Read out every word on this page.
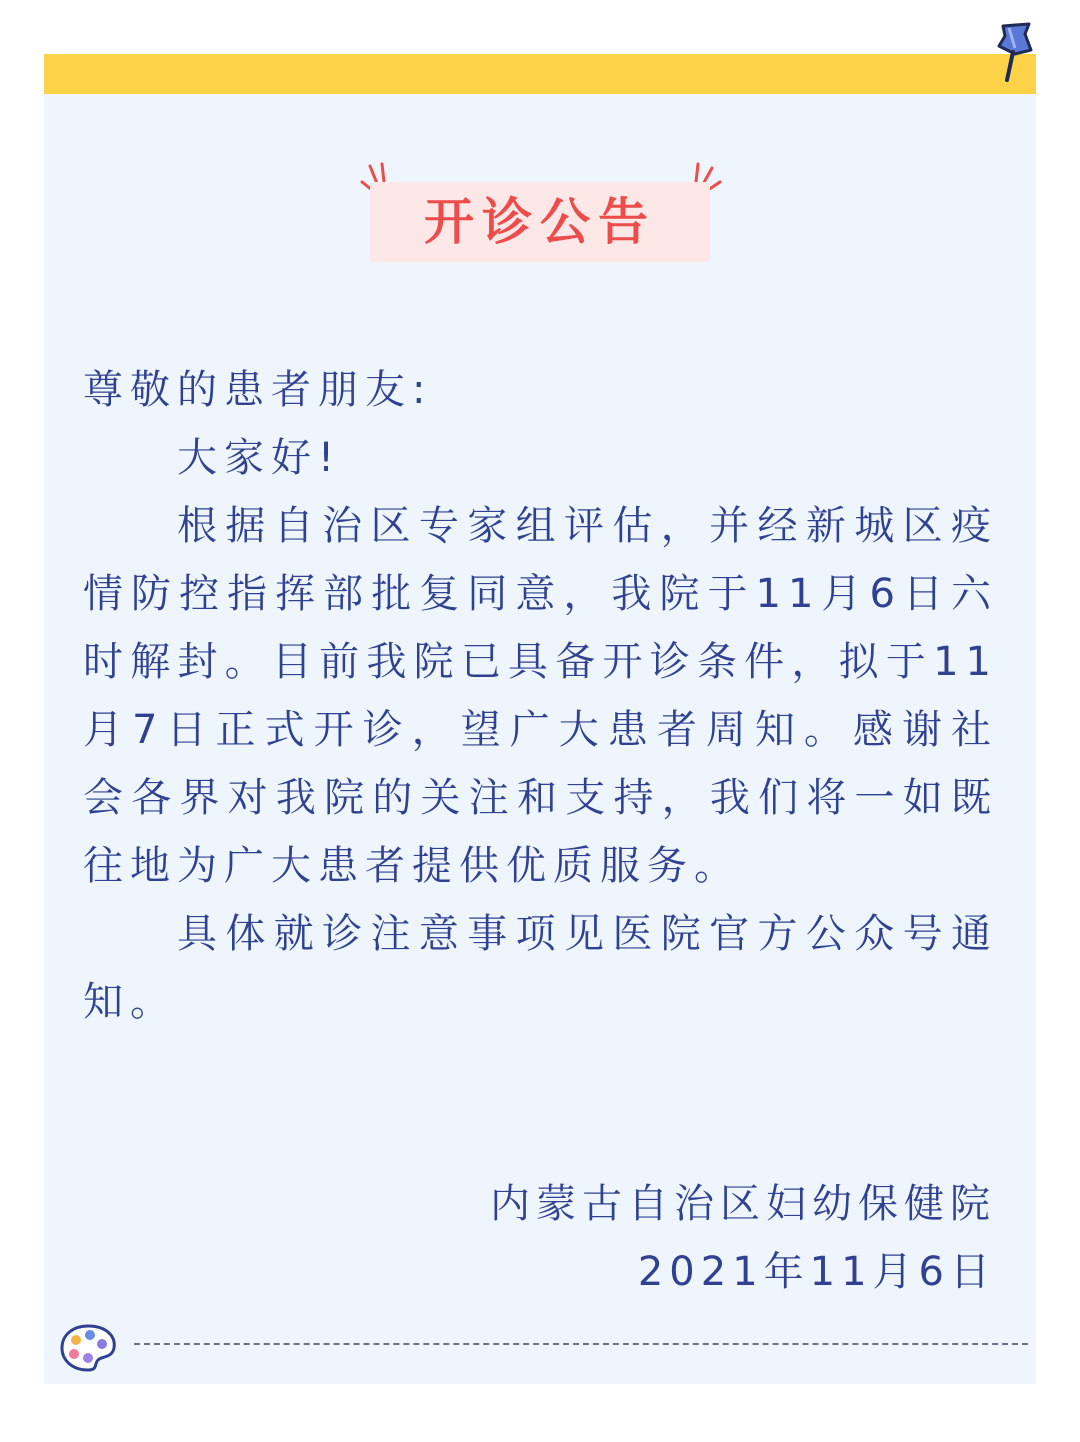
开诊公告
尊敬的患者朋友:

大家好!

根据自治区专家组评估，并经新城区疫情防控指挥部批复同意，我院于11月6日六时解封。目前我院已具备开诊条件，拟于11月7日正式开诊，望广大患者周知。感谢社会各界对我院的关注和支持，我们将一如既往地为广大患者提供优质服务。

具体就诊注意事项见医院官方公众号通知。

内蒙古自治区妇幼保健院
2021年11月6日
